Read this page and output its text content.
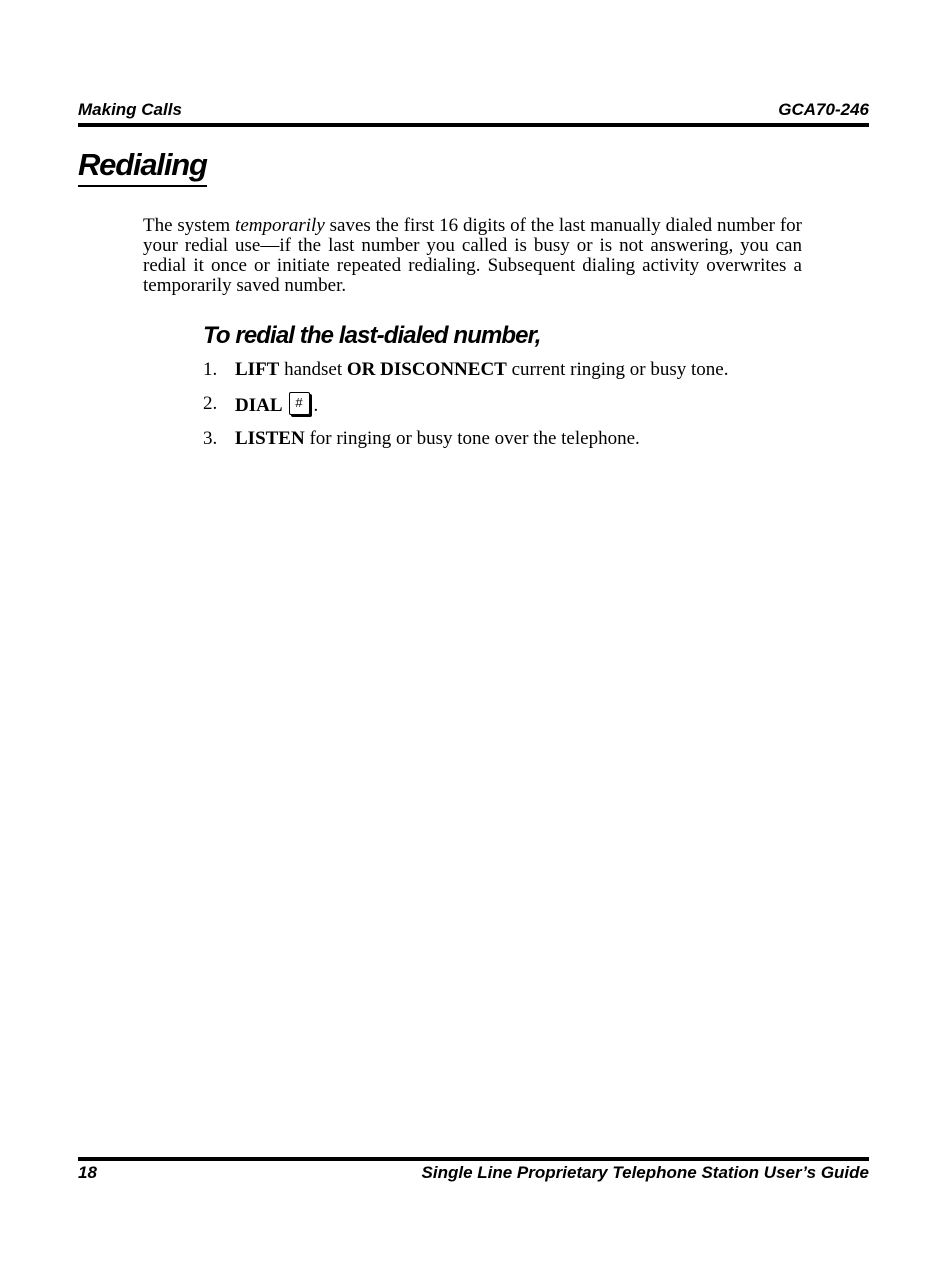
Making Calls	GCA70-246
Redialing

The system temporarily saves the first 16 digits of the last manually dialed number for your redial use—if the last number you called is busy or is not answering, you can redial it once or initiate repeated redialing. Subsequent dialing activity overwrites a temporarily saved number.

To redial the last-dialed number,
1. LIFT handset OR DISCONNECT current ringing or busy tone.
2. DIAL # .
3. LISTEN for ringing or busy tone over the telephone.
18	Single Line Proprietary Telephone Station User’s Guide
